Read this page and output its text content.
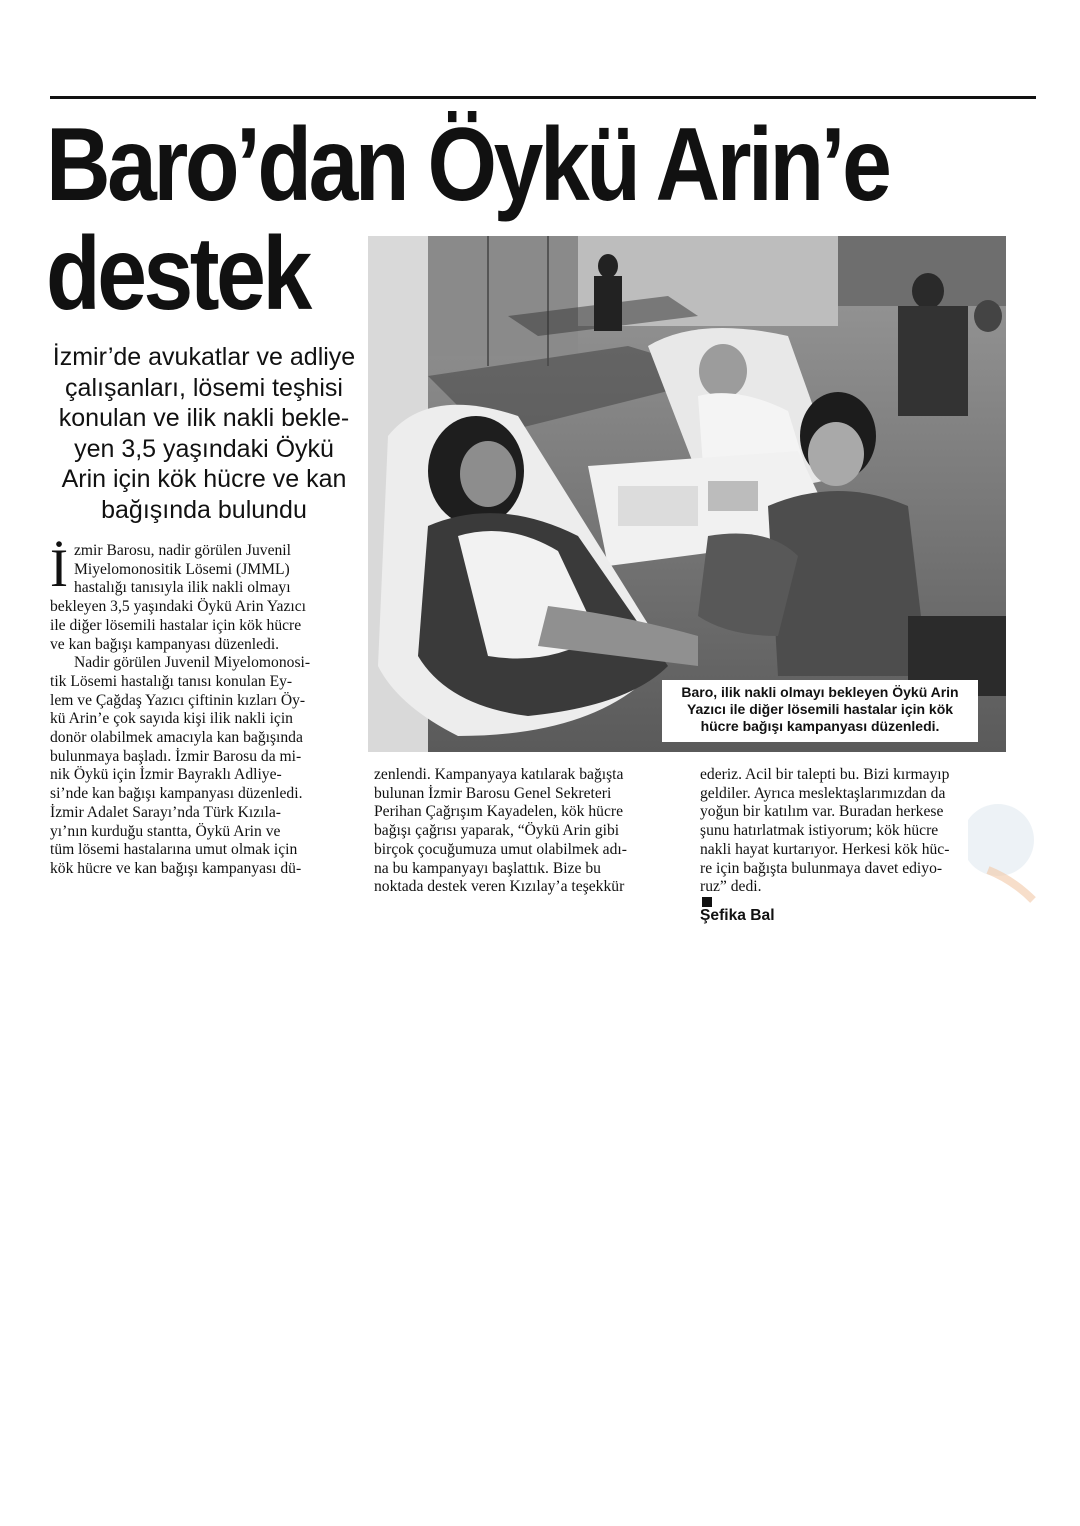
Baro’dan Öykü Arin’e
destek
İzmir’de avukatlar ve adliye
çalışanları, lösemi teşhisi
konulan ve ilik nakli bekle-
yen 3,5 yaşındaki Öykü
Arin için kök hücre ve kan
bağışında bulundu
Baro, ilik nakli olmayı bekleyen Öykü Arin
Yazıcı ile diğer lösemili hastalar için kök
hücre bağışı kampanyası düzenledi.
İ zmir Barosu, nadir görülen Juvenil
Miyelomonositik Lösemi (JMML)
hastalığı tanısıyla ilik nakli olmayı
bekleyen 3,5 yaşındaki Öykü Arin Yazıcı
ile diğer lösemili hastalar için kök hücre
ve kan bağışı kampanyası düzenledi.
Nadir görülen Juvenil Miyelomonosi-
tik Lösemi hastalığı tanısı konulan Ey-
lem ve Çağdaş Yazıcı çiftinin kızları Öy-
kü Arin’e çok sayıda kişi ilik nakli için
donör olabilmek amacıyla kan bağışında
bulunmaya başladı. İzmir Barosu da mi-
nik Öykü için İzmir Bayraklı Adliye-
si’nde kan bağışı kampanyası düzenledi.
İzmir Adalet Sarayı’nda Türk Kızıla-
yı’nın kurduğu stantta, Öykü Arin ve
tüm lösemi hastalarına umut olmak için
kök hücre ve kan bağışı kampanyası dü-
zenlendi. Kampanyaya katılarak bağışta
bulunan İzmir Barosu Genel Sekreteri
Perihan Çağrışım Kayadelen, kök hücre
bağışı çağrısı yaparak, “Öykü Arin gibi
birçok çocuğumuza umut olabilmek adı-
na bu kampanyayı başlattık. Bize bu
noktada destek veren Kızılay’a teşekkür
ederiz. Acil bir talepti bu. Bizi kırmayıp
geldiler. Ayrıca meslektaşlarımızdan da
yoğun bir katılım var. Buradan herkese
şunu hatırlatmak istiyorum; kök hücre
nakli hayat kurtarıyor. Herkesi kök hüc-
re için bağışta bulunmaya davet ediyo-
ruz” dedi.
Şefika Bal
